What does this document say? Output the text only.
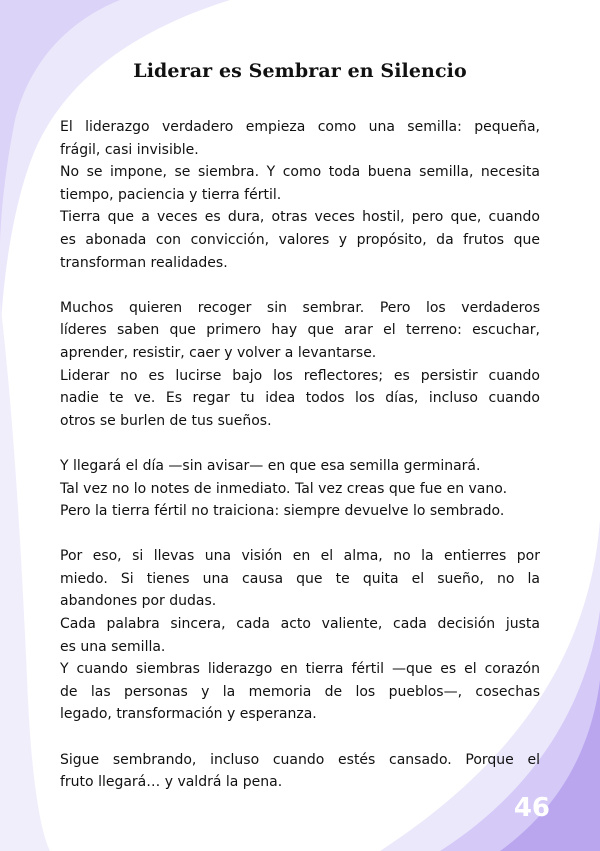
Liderar es Sembrar en Silencio
El liderazgo verdadero empieza como una semilla: pequeña,
frágil, casi invisible.
No se impone, se siembra. Y como toda buena semilla, necesita
tiempo, paciencia y tierra fértil.
Tierra que a veces es dura, otras veces hostil, pero que, cuando
es abonada con convicción, valores y propósito, da frutos que
transforman realidades.
Muchos quieren recoger sin sembrar. Pero los verdaderos
líderes saben que primero hay que arar el terreno: escuchar,
aprender, resistir, caer y volver a levantarse.
Liderar no es lucirse bajo los reflectores; es persistir cuando
nadie te ve. Es regar tu idea todos los días, incluso cuando
otros se burlen de tus sueños.
Y llegará el día —sin avisar— en que esa semilla germinará.
Tal vez no lo notes de inmediato. Tal vez creas que fue en vano.
Pero la tierra fértil no traiciona: siempre devuelve lo sembrado.
Por eso, si llevas una visión en el alma, no la entierres por
miedo. Si tienes una causa que te quita el sueño, no la
abandones por dudas.
Cada palabra sincera, cada acto valiente, cada decisión justa
es una semilla.
Y cuando siembras liderazgo en tierra fértil —que es el corazón
de las personas y la memoria de los pueblos—, cosechas
legado, transformación y esperanza.
Sigue sembrando, incluso cuando estés cansado. Porque el
fruto llegará… y valdrá la pena.
46
